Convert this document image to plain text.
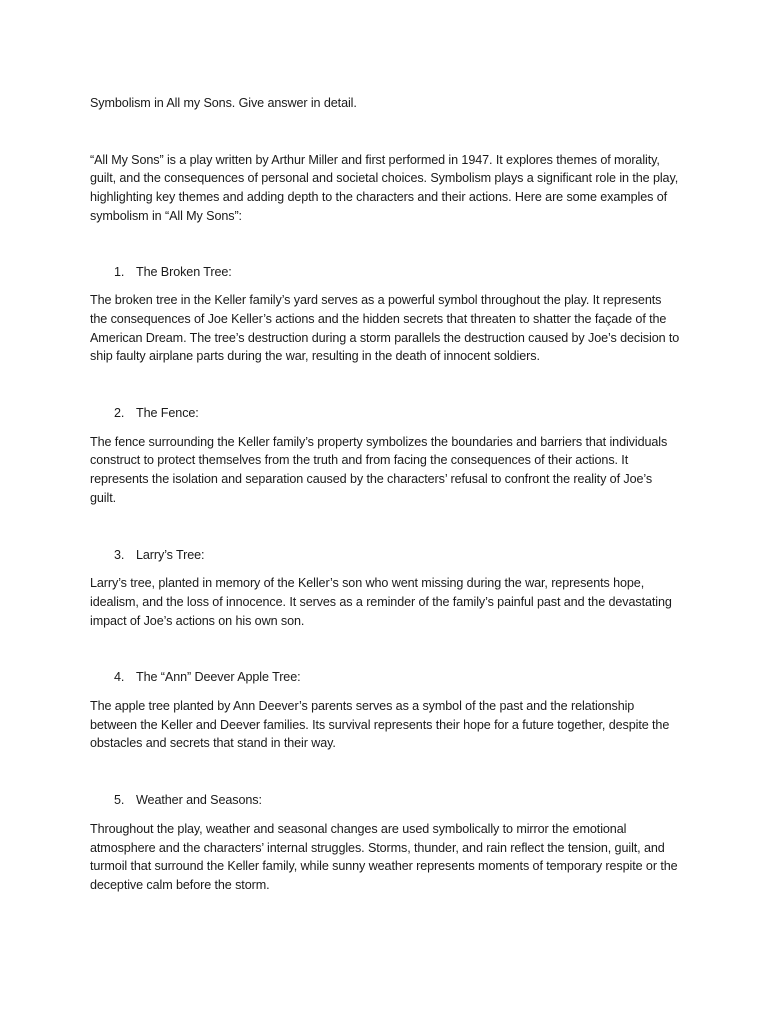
Symbolism in All my Sons. Give answer in detail.

“All My Sons” is a play written by Arthur Miller and first performed in 1947. It explores themes of morality, guilt, and the consequences of personal and societal choices. Symbolism plays a significant role in the play, highlighting key themes and adding depth to the characters and their actions. Here are some examples of symbolism in “All My Sons”:

1. The Broken Tree:

The broken tree in the Keller family’s yard serves as a powerful symbol throughout the play. It represents the consequences of Joe Keller’s actions and the hidden secrets that threaten to shatter the façade of the American Dream. The tree’s destruction during a storm parallels the destruction caused by Joe’s decision to ship faulty airplane parts during the war, resulting in the death of innocent soldiers.

2. The Fence:

The fence surrounding the Keller family’s property symbolizes the boundaries and barriers that individuals construct to protect themselves from the truth and from facing the consequences of their actions. It represents the isolation and separation caused by the characters’ refusal to confront the reality of Joe’s guilt.

3. Larry’s Tree:

Larry’s tree, planted in memory of the Keller’s son who went missing during the war, represents hope, idealism, and the loss of innocence. It serves as a reminder of the family’s painful past and the devastating impact of Joe’s actions on his own son.

4. The “Ann” Deever Apple Tree:

The apple tree planted by Ann Deever’s parents serves as a symbol of the past and the relationship between the Keller and Deever families. Its survival represents their hope for a future together, despite the obstacles and secrets that stand in their way.

5. Weather and Seasons:

Throughout the play, weather and seasonal changes are used symbolically to mirror the emotional atmosphere and the characters’ internal struggles. Storms, thunder, and rain reflect the tension, guilt, and turmoil that surround the Keller family, while sunny weather represents moments of temporary respite or the deceptive calm before the storm.
